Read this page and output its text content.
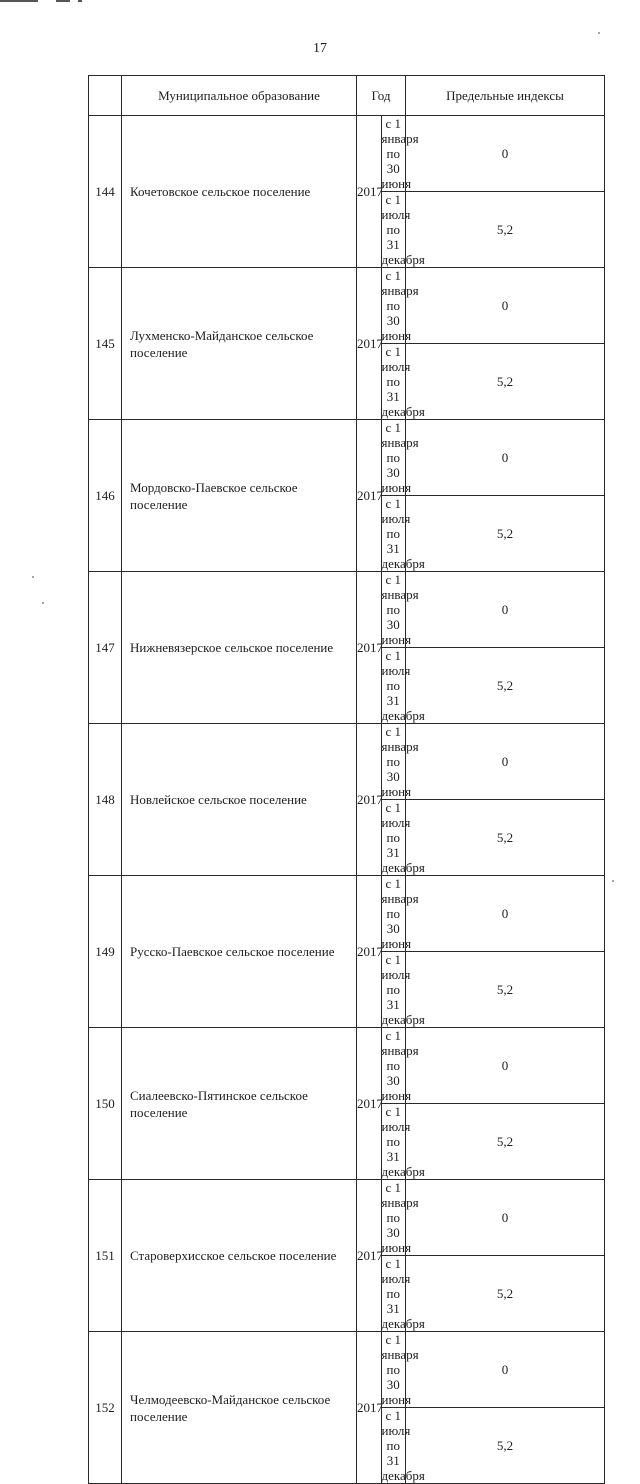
17
	Муниципальное образование	Год		Предельные индексы
144	Кочетовское сельское поселение	2017	с 1 января по 30 июня	0
			с 1 июля по 31 декабря	5,2
145	Лухменско-Майданское сельское поселение	2017	с 1 января по 30 июня	0
			с 1 июля по 31 декабря	5,2
146	Мордовско-Паевское сельское поселение	2017	с 1 января по 30 июня	0
			с 1 июля по 31 декабря	5,2
147	Нижневязерское сельское поселение	2017	с 1 января по 30 июня	0
			с 1 июля по 31 декабря	5,2
148	Новлейское сельское поселение	2017	с 1 января по 30 июня	0
			с 1 июля по 31 декабря	5,2
149	Русско-Паевское сельское поселение	2017	с 1 января по 30 июня	0
			с 1 июля по 31 декабря	5,2
150	Сиалеевско-Пятинское сельское поселение	2017	с 1 января по 30 июня	0
			с 1 июля по 31 декабря	5,2
151	Староверхисское сельское поселение	2017	с 1 января по 30 июня	0
			с 1 июля по 31 декабря	5,2
152	Челмодеевско-Майданское сельское поселение	2017	с 1 января по 30 июня	0
			с 1 июля по 31 декабря	5,2
